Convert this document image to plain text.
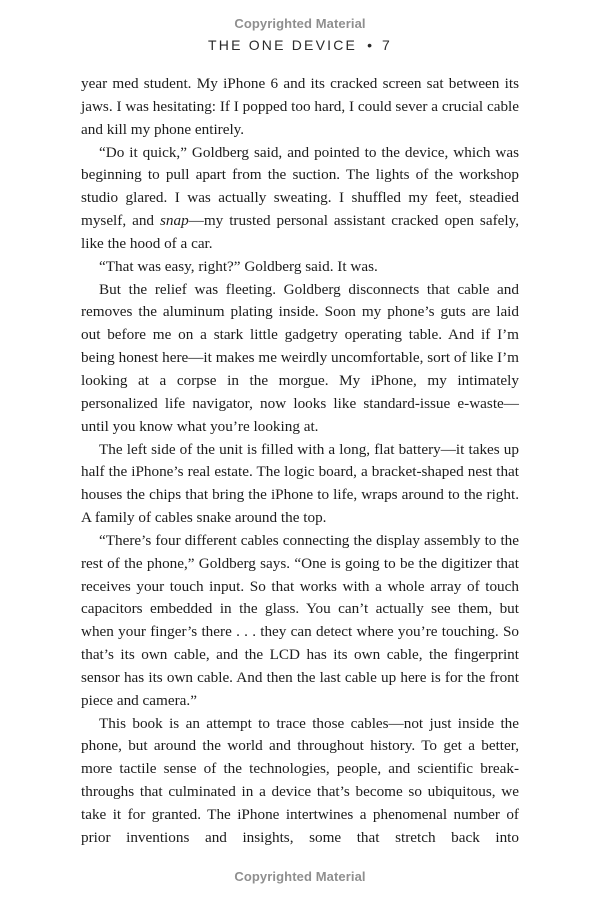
Copyrighted Material
THE ONE DEVICE • 7

year med student. My iPhone 6 and its cracked screen sat between its jaws. I was hesitating: If I popped too hard, I could sever a crucial cable and kill my phone entirely.

“Do it quick,” Goldberg said, and pointed to the device, which was beginning to pull apart from the suction. The lights of the workshop studio glared. I was actually sweating. I shuffled my feet, steadied myself, and snap—my trusted personal assistant cracked open safely, like the hood of a car.

“That was easy, right?” Goldberg said. It was.

But the relief was fleeting. Goldberg disconnects that cable and removes the aluminum plating inside. Soon my phone’s guts are laid out before me on a stark little gadgetry operating table. And if I’m being honest here—it makes me weirdly uncomfortable, sort of like I’m looking at a corpse in the morgue. My iPhone, my intimately personalized life navigator, now looks like standard-issue e-waste—until you know what you’re looking at.

The left side of the unit is filled with a long, flat battery—it takes up half the iPhone’s real estate. The logic board, a bracket-shaped nest that houses the chips that bring the iPhone to life, wraps around to the right. A family of cables snake around the top.

“There’s four different cables connecting the display assembly to the rest of the phone,” Goldberg says. “One is going to be the digitizer that receives your touch input. So that works with a whole array of touch capacitors embedded in the glass. You can’t actually see them, but when your finger’s there . . . they can detect where you’re touching. So that’s its own cable, and the LCD has its own cable, the fingerprint sensor has its own cable. And then the last cable up here is for the front piece and camera.”

This book is an attempt to trace those cables—not just inside the phone, but around the world and throughout history. To get a better, more tactile sense of the technologies, people, and scientific breakthroughs that culminated in a device that’s become so ubiquitous, we take it for granted. The iPhone intertwines a phenomenal number of prior inventions and insights, some that stretch back into

Copyrighted Material
